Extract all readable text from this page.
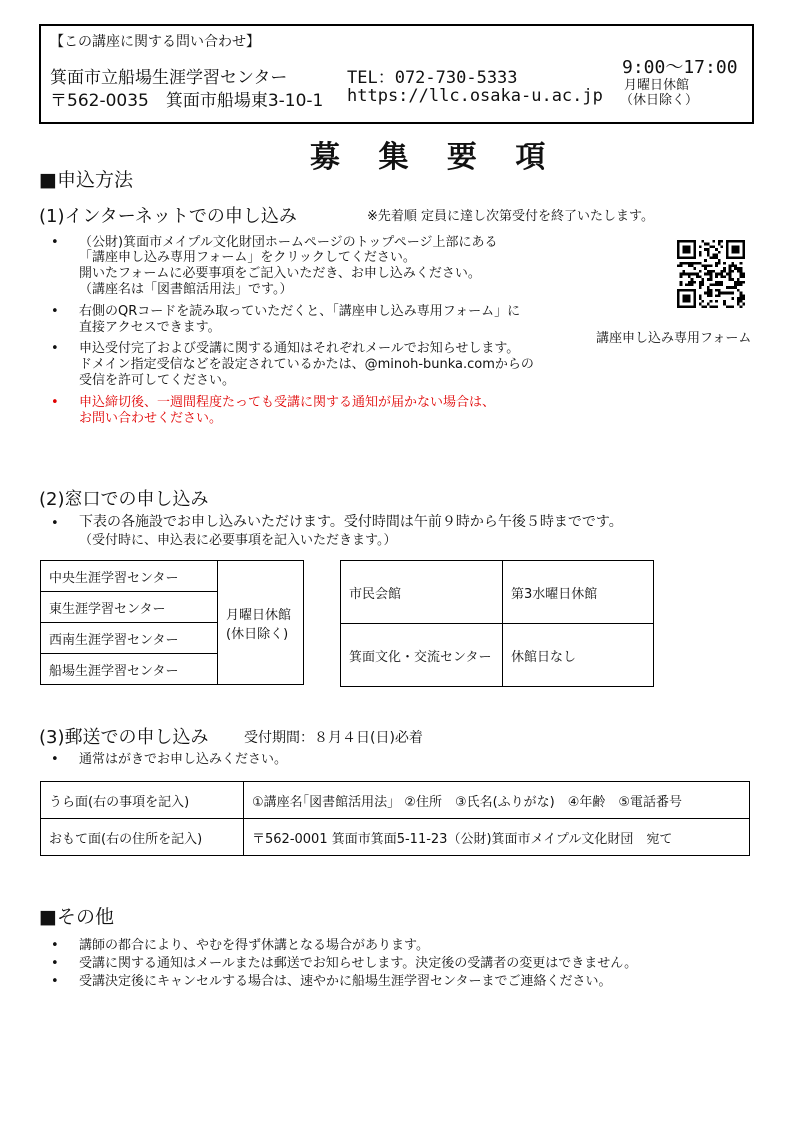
【この講座に関する問い合わせ】
箕面市立船場生涯学習センター
〒562-0035　箕面市船場東3-10-1
TEL：072-730-5333
https://llc.osaka-u.ac.jp
9:00～17:00
月曜日休館
（休日除く）
募 集 要 項
■申込方法
(1)インターネットでの申し込み	※先着順 定員に達し次第受付を終了いたします。
• （公財)箕面市メイプル文化財団ホームページのトップページ上部にある
「講座申し込み専用フォーム」をクリックしてください。
開いたフォームに必要事項をご記入いただき、お申し込みください。
（講座名は「図書館活用法」です。）
• 右側のQRコードを読み取っていただくと、「講座申し込み専用フォーム」に
直接アクセスできます。
• 申込受付完了および受講に関する通知はそれぞれメールでお知らせします。
ドメイン指定受信などを設定されているかたは、@minoh-bunka.comからの
受信を許可してください。
• 申込締切後、一週間程度たっても受講に関する通知が届かない場合は、
お問い合わせください。
講座申し込み専用フォーム
(2)窓口での申し込み
• 下表の各施設でお申し込みいただけます。受付時間は午前９時から午後５時までです。
（受付時に、申込表に必要事項を記入いただきます。）
中央生涯学習センター	
月曜日休館
(休日除く)

東生涯学習センター
西南生涯学習センター
船場生涯学習センター
市民会館	第3水曜日休館
箕面文化・交流センター	休館日なし
(3)郵送での申し込み	受付期間：８月４日(日)必着
• 通常はがきでお申し込みください。
うら面(右の事項を記入)	①講座名｢図書館活用法」 ②住所　③氏名(ふりがな)　④年齢　⑤電話番号
おもて面(右の住所を記入)	〒562-0001 箕面市箕面5-11-23（公財)箕面市メイプル文化財団　宛て
■その他
• 講師の都合により、やむを得ず休講となる場合があります。
• 受講に関する通知はメールまたは郵送でお知らせします。決定後の受講者の変更はできません。
• 受講決定後にキャンセルする場合は、速やかに船場生涯学習センターまでご連絡ください。
